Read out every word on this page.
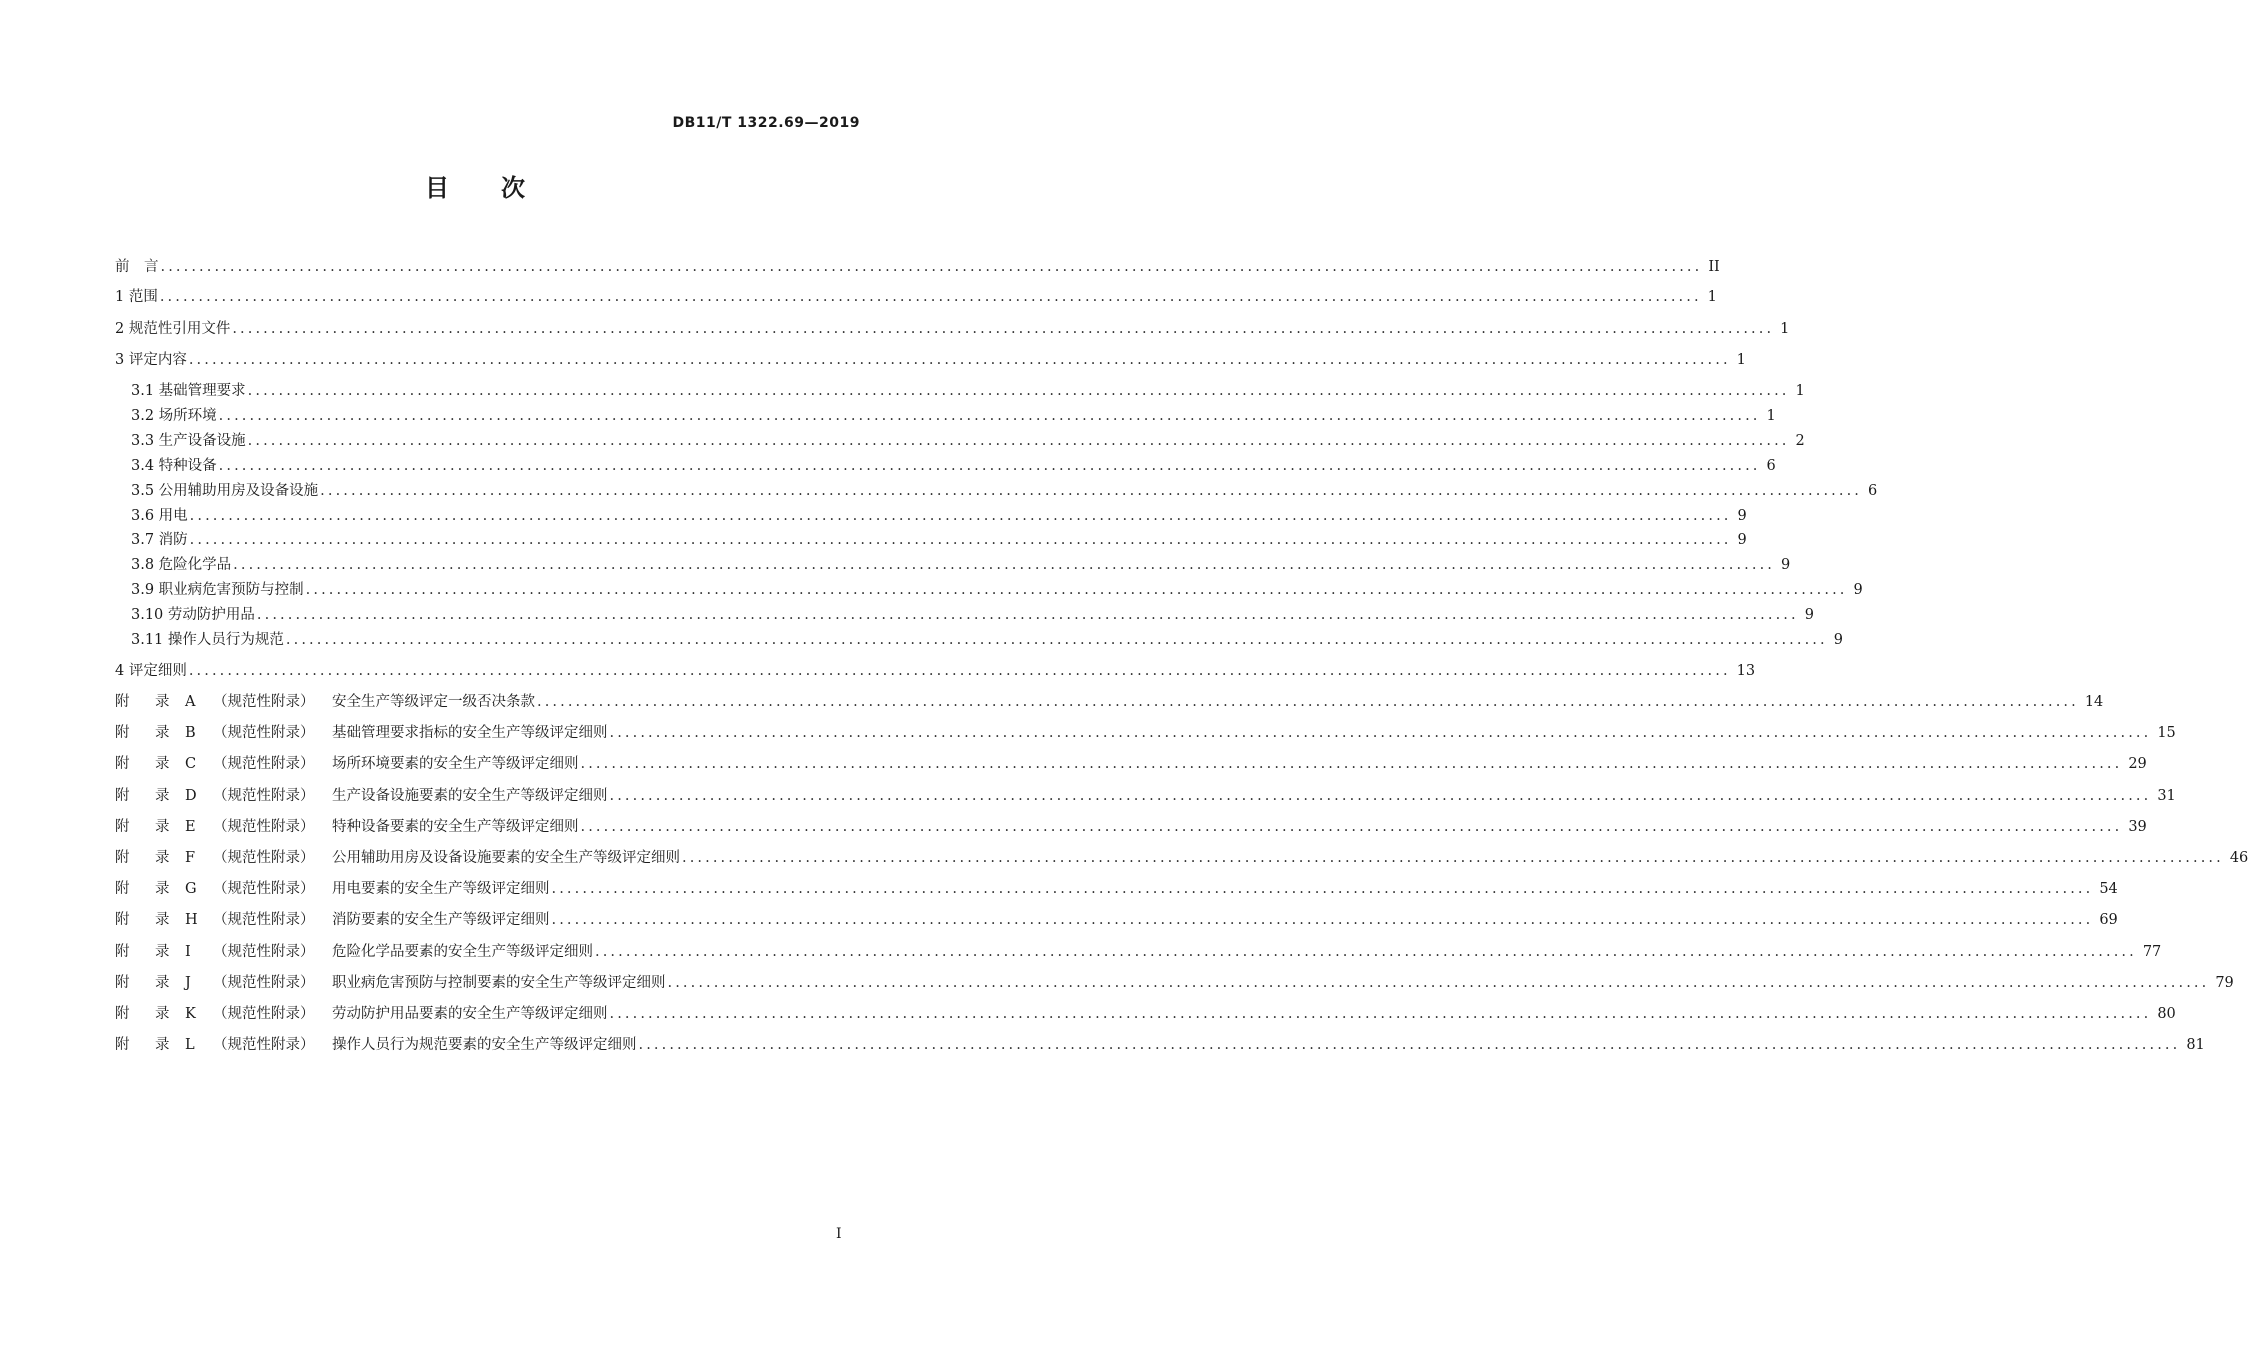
DB11/T 1322.69—2019
目 次
前　言 ........................................................................................................................................................................................................ II
1 范围 ........................................................................................................................................................................................................ 1
2 规范性引用文件 ........................................................................................................................................................................................................ 1
3 评定内容 ........................................................................................................................................................................................................ 1
3.1 基础管理要求 ........................................................................................................................................................................................................ 1
3.2 场所环境 ........................................................................................................................................................................................................ 1
3.3 生产设备设施 ........................................................................................................................................................................................................ 2
3.4 特种设备 ........................................................................................................................................................................................................ 6
3.5 公用辅助用房及设备设施 ........................................................................................................................................................................................................ 6
3.6 用电 ........................................................................................................................................................................................................ 9
3.7 消防 ........................................................................................................................................................................................................ 9
3.8 危险化学品 ........................................................................................................................................................................................................ 9
3.9 职业病危害预防与控制 ........................................................................................................................................................................................................ 9
3.10 劳动防护用品 ........................................................................................................................................................................................................ 9
3.11 操作人员行为规范 ........................................................................................................................................................................................................ 9
4 评定细则 ........................................................................................................................................................................................................ 13
附	录	A	（规范性附录）	安全生产等级评定一级否决条款 ........................................................................................................................................................................................................ 14
附	录	B	（规范性附录）	基础管理要求指标的安全生产等级评定细则 ........................................................................................................................................................................................................ 15
附	录	C	（规范性附录）	场所环境要素的安全生产等级评定细则 ........................................................................................................................................................................................................ 29
附	录	D	（规范性附录）	生产设备设施要素的安全生产等级评定细则 ........................................................................................................................................................................................................ 31
附	录	E	（规范性附录）	特种设备要素的安全生产等级评定细则 ........................................................................................................................................................................................................ 39
附	录	F	（规范性附录）	公用辅助用房及设备设施要素的安全生产等级评定细则 ........................................................................................................................................................................................................ 46
附	录	G	（规范性附录）	用电要素的安全生产等级评定细则 ........................................................................................................................................................................................................ 54
附	录	H	（规范性附录）	消防要素的安全生产等级评定细则 ........................................................................................................................................................................................................ 69
附	录	I	（规范性附录）	危险化学品要素的安全生产等级评定细则 ........................................................................................................................................................................................................ 77
附	录	J	（规范性附录）	职业病危害预防与控制要素的安全生产等级评定细则 ........................................................................................................................................................................................................ 79
附	录	K	（规范性附录）	劳动防护用品要素的安全生产等级评定细则 ........................................................................................................................................................................................................ 80
附	录	L	（规范性附录）	操作人员行为规范要素的安全生产等级评定细则 ........................................................................................................................................................................................................ 81
I
